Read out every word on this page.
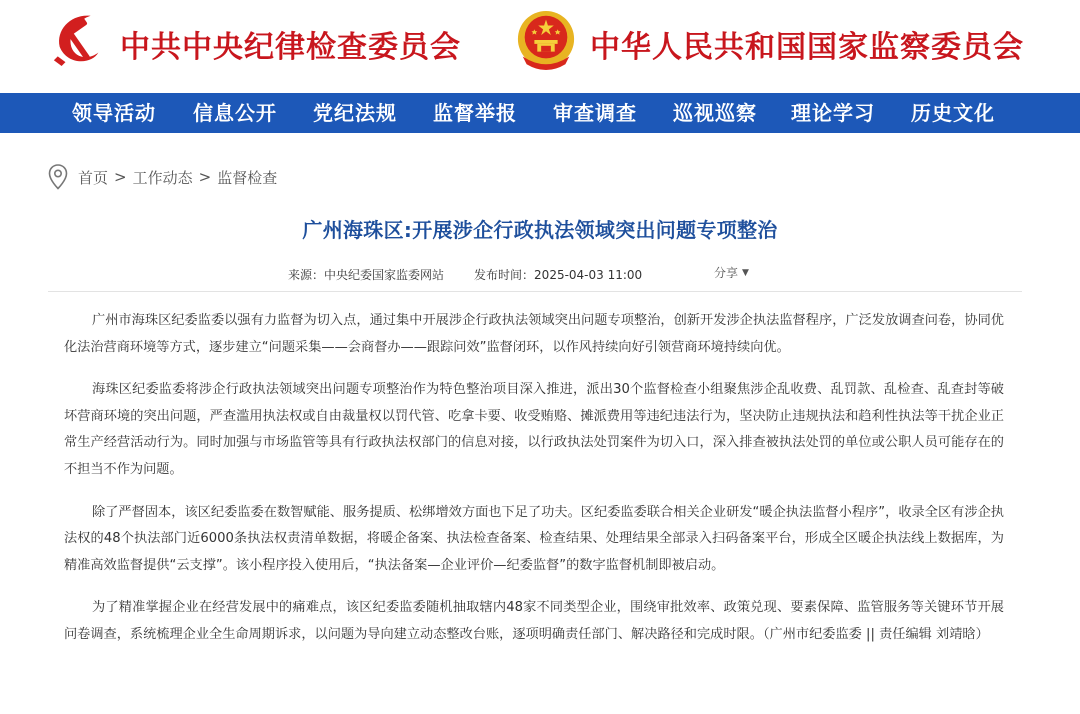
中共中央纪律检查委员会	中华人民共和国国家监察委员会
领导活动 信息公开 党纪法规 监督举报 审查调查 巡视巡察 理论学习 历史文化
首页 > 工作动态 > 监督检查
广州海珠区:开展涉企行政执法领域突出问题专项整治
来源：中央纪委国家监委网站	发布时间：2025-04-03 11:00	分享 ▼

广州市海珠区纪委监委以强有力监督为切入点，通过集中开展涉企行政执法领域突出问题专项整治，创新开发涉企执法监督程序，广泛发放调查问卷，协同优化法治营商环境等方式，逐步建立“问题采集——会商督办——跟踪问效”监督闭环，以作风持续向好引领营商环境持续向优。

海珠区纪委监委将涉企行政执法领域突出问题专项整治作为特色整治项目深入推进，派出30个监督检查小组聚焦涉企乱收费、乱罚款、乱检查、乱查封等破坏营商环境的突出问题，严查滥用执法权或自由裁量权以罚代管、吃拿卡要、收受贿赂、摊派费用等违纪违法行为，坚决防止违规执法和趋利性执法等干扰企业正常生产经营活动行为。同时加强与市场监管等具有行政执法权部门的信息对接，以行政执法处罚案件为切入口，深入排查被执法处罚的单位或公职人员可能存在的不担当不作为问题。

除了严督固本，该区纪委监委在数智赋能、服务提质、松绑增效方面也下足了功夫。区纪委监委联合相关企业研发“暖企执法监督小程序”，收录全区有涉企执法权的48个执法部门近6000条执法权责清单数据，将暖企备案、执法检查备案、检查结果、处理结果全部录入扫码备案平台，形成全区暖企执法线上数据库，为精准高效监督提供“云支撑”。该小程序投入使用后，“执法备案—企业评价—纪委监督”的数字监督机制即被启动。

为了精准掌握企业在经营发展中的痛难点，该区纪委监委随机抽取辖内48家不同类型企业，围绕审批效率、政策兑现、要素保障、监管服务等关键环节开展问卷调查，系统梳理企业全生命周期诉求，以问题为导向建立动态整改台账，逐项明确责任部门、解决路径和完成时限。（广州市纪委监委 || 责任编辑 刘靖晗）
